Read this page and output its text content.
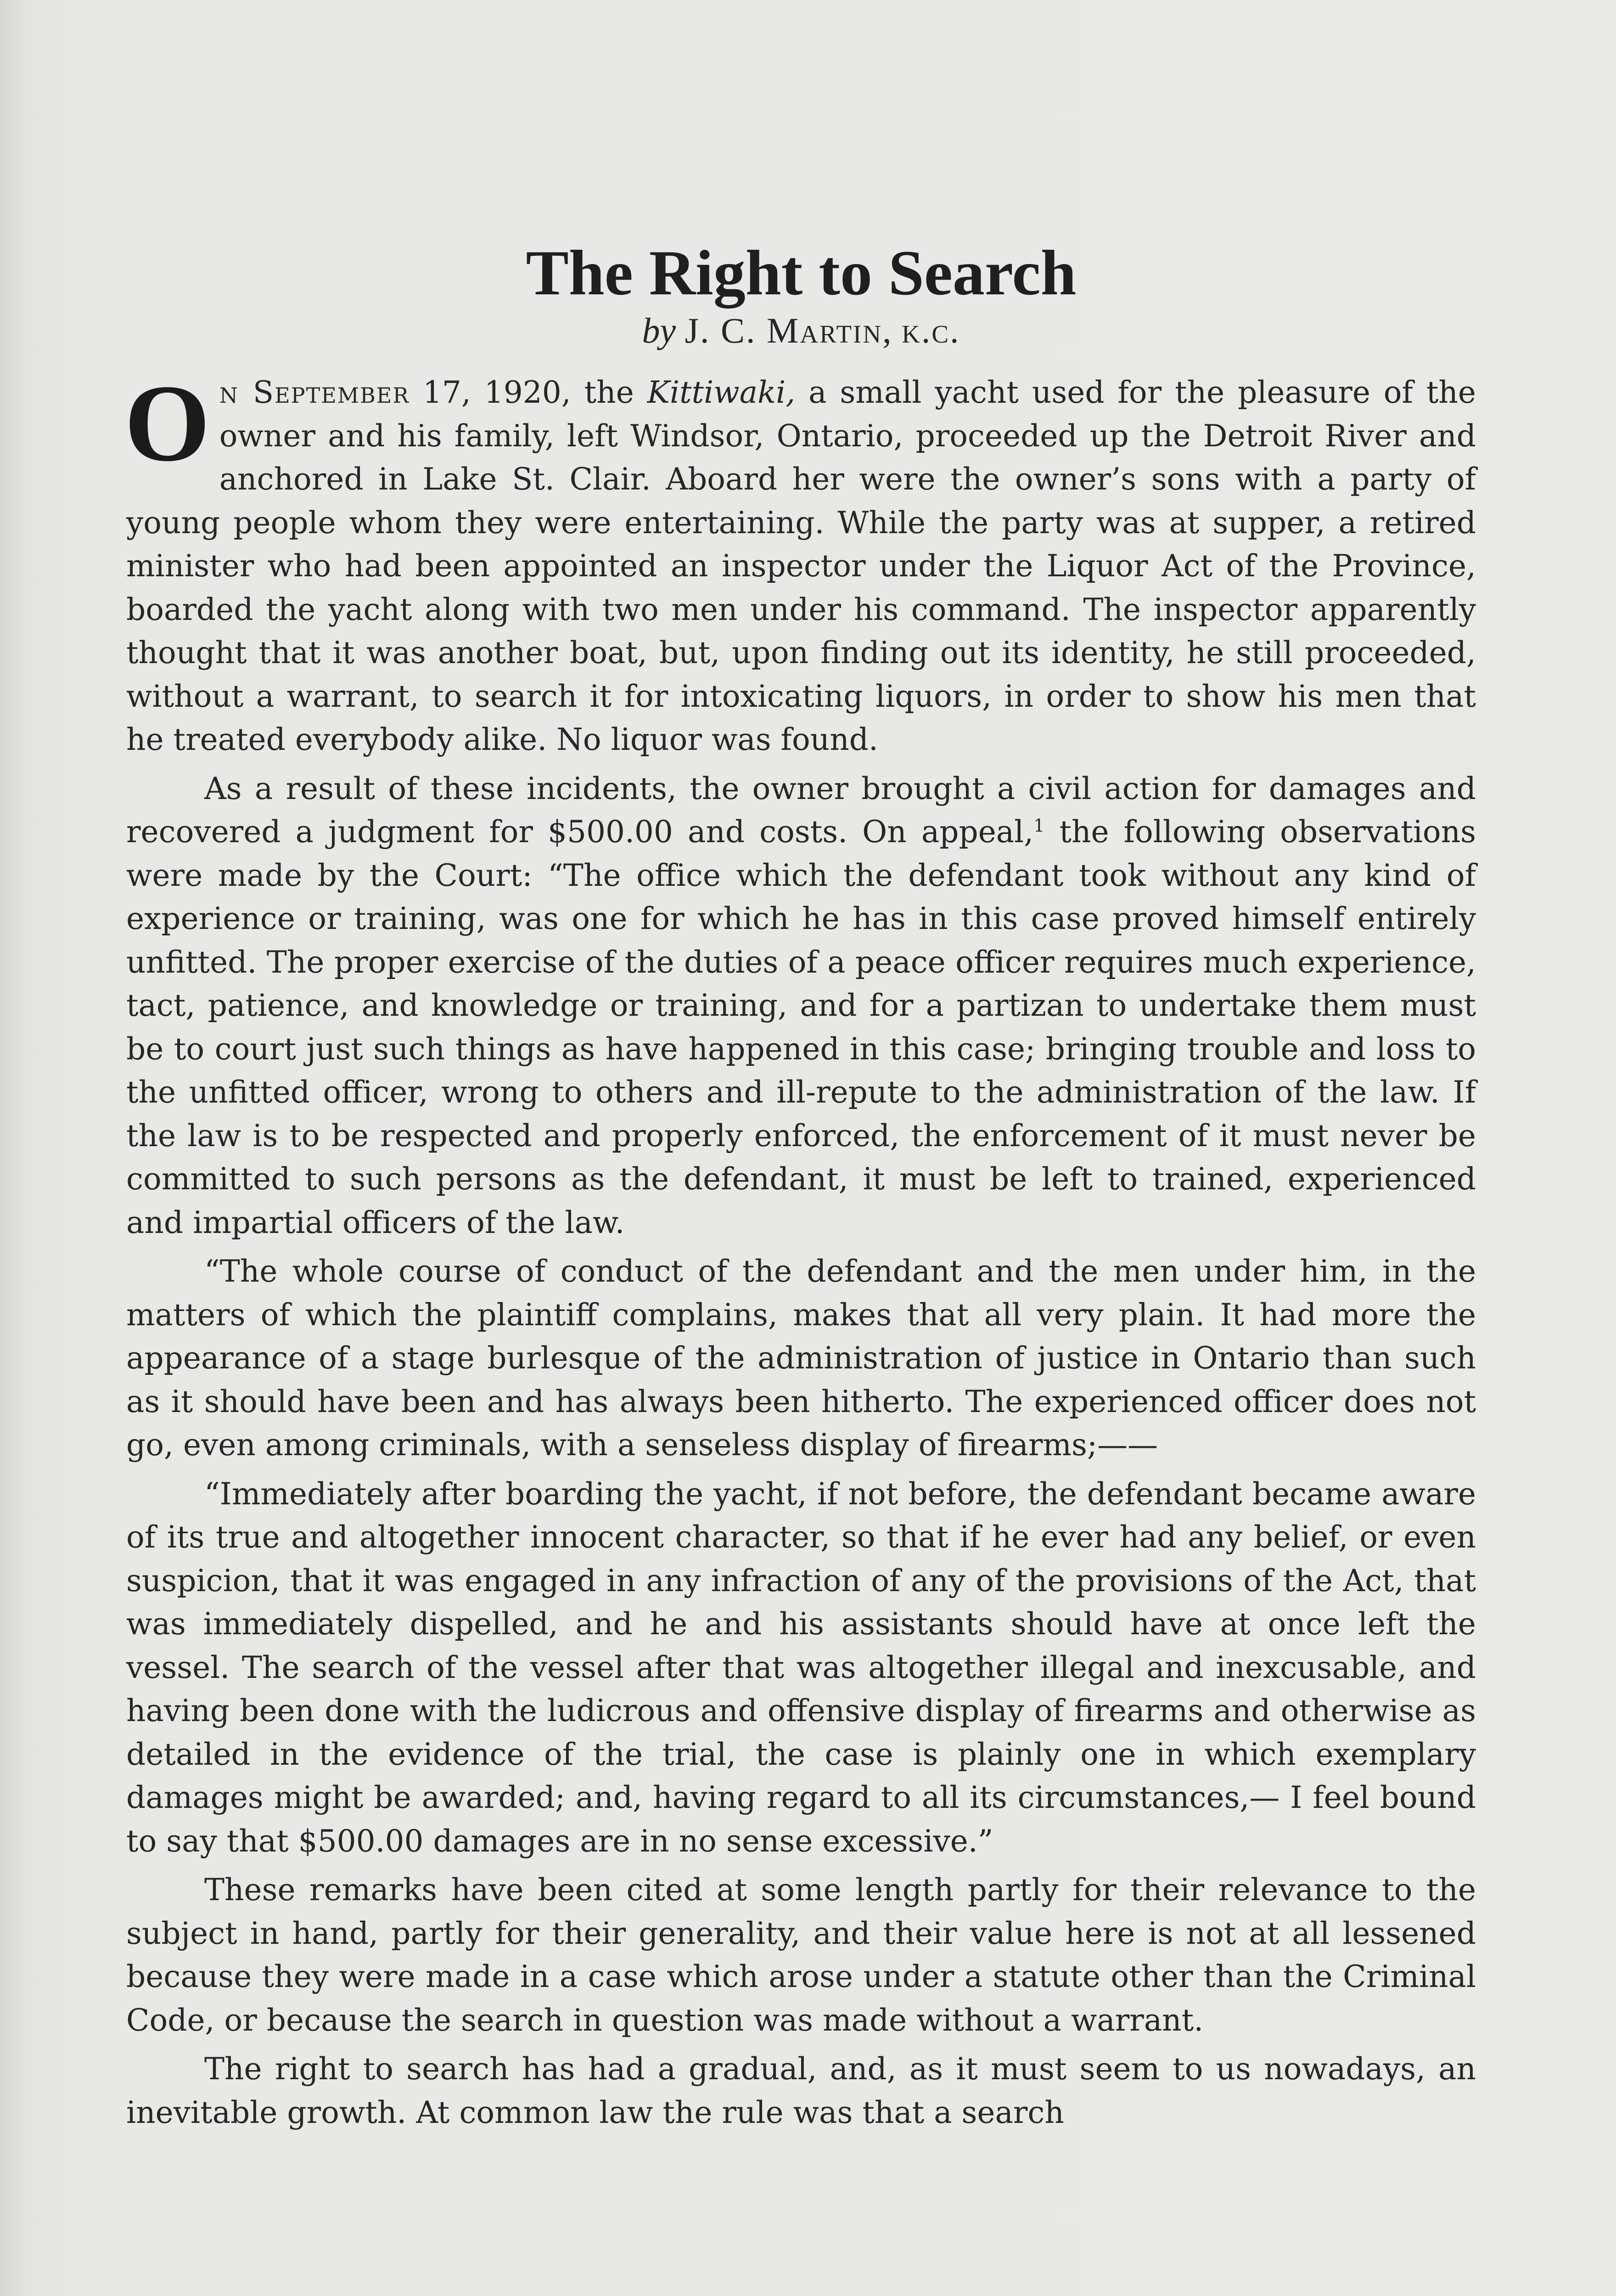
The Right to Search

by J. C. Martin, k.c.

On September 17, 1920, the Kittiwaki, a small yacht used for the pleasure of the owner and his family, left Windsor, Ontario, proceeded up the Detroit River and anchored in Lake St. Clair. Aboard her were the owner’s sons with a party of young people whom they were entertaining. While the party was at supper, a retired minister who had been appointed an inspector under the Liquor Act of the Province, boarded the yacht along with two men under his command. The inspector apparently thought that it was another boat, but, upon finding out its identity, he still proceeded, without a warrant, to search it for intoxicating liquors, in order to show his men that he treated everybody alike. No liquor was found.

As a result of these incidents, the owner brought a civil action for damages and recovered a judgment for $500.00 and costs. On appeal,$^1$ the following observations were made by the Court: “The office which the defendant took without any kind of experience or training, was one for which he has in this case proved himself entirely unfitted. The proper exercise of the duties of a peace officer requires much experience, tact, patience, and knowledge or training, and for a partizan to undertake them must be to court just such things as have happened in this case; bringing trouble and loss to the unfitted officer, wrong to others and ill-repute to the administration of the law. If the law is to be respected and properly enforced, the enforcement of it must never be committed to such persons as the defendant, it must be left to trained, experienced and impartial officers of the law.

“The whole course of conduct of the defendant and the men under him, in the matters of which the plaintiff complains, makes that all very plain. It had more the appearance of a stage burlesque of the administration of justice in Ontario than such as it should have been and has always been hitherto. The experienced officer does not go, even among criminals, with a senseless display of firearms;——

“Immediately after boarding the yacht, if not before, the defendant became aware of its true and altogether innocent character, so that if he ever had any belief, or even suspicion, that it was engaged in any infraction of any of the provisions of the Act, that was immediately dispelled, and he and his assistants should have at once left the vessel. The search of the vessel after that was altogether illegal and inexcusable, and having been done with the ludicrous and offensive display of firearms and otherwise as detailed in the evidence of the trial, the case is plainly one in which exemplary damages might be awarded; and, having regard to all its circumstances,— I feel bound to say that $500.00 damages are in no sense excessive.”

These remarks have been cited at some length partly for their relevance to the subject in hand, partly for their generality, and their value here is not at all lessened because they were made in a case which arose under a statute other than the Criminal Code, or because the search in question was made without a warrant.

The right to search has had a gradual, and, as it must seem to us nowadays, an inevitable growth. At common law the rule was that a search
